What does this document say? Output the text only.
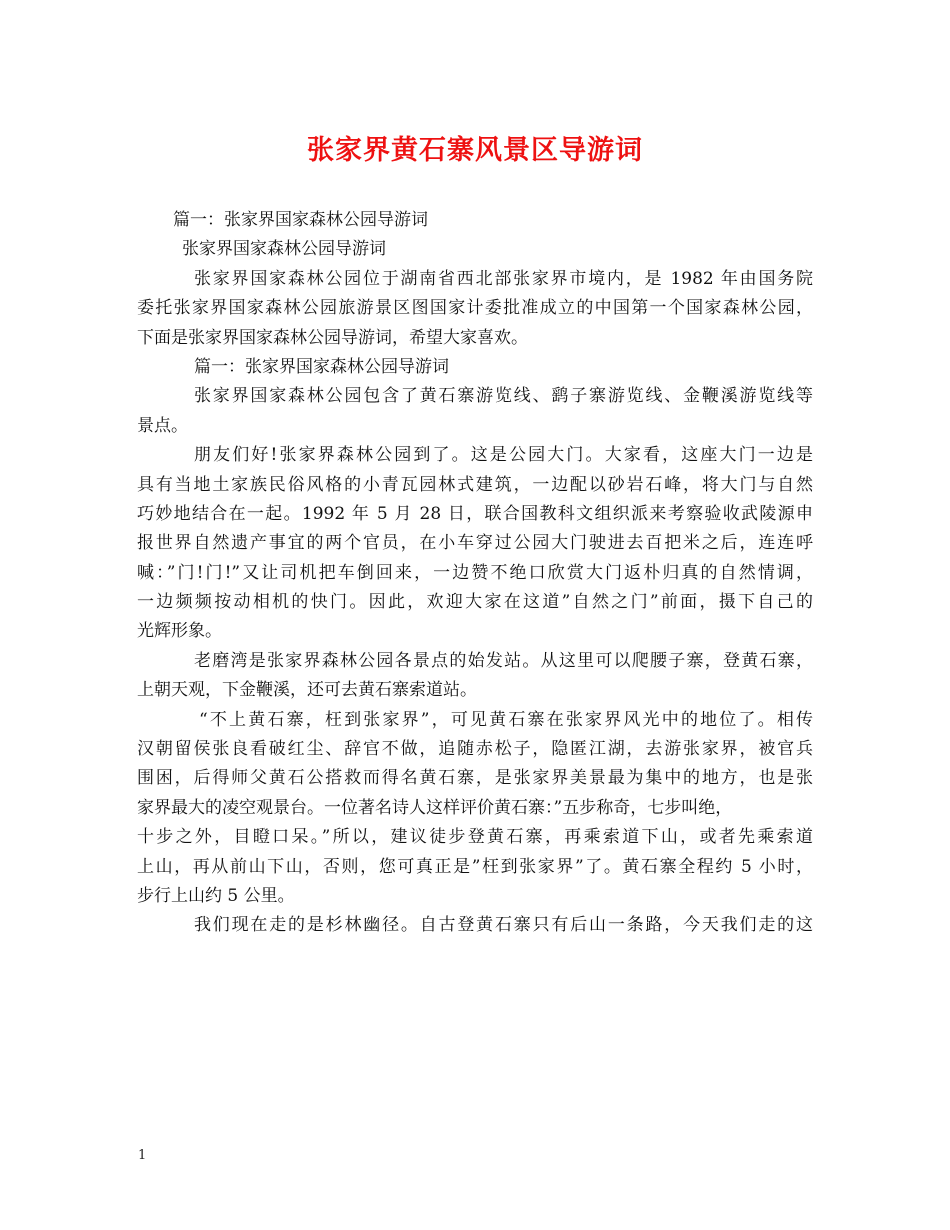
张家界黄石寨风景区导游词
篇一：张家界国家森林公园导游词
张家界国家森林公园导游词
张家界国家森林公园位于湖南省西北部张家界市境内，是 1982 年由国务院
委托张家界国家森林公园旅游景区图国家计委批准成立的中国第一个国家森林公园，
下面是张家界国家森林公园导游词，希望大家喜欢。
篇一：张家界国家森林公园导游词
张家界国家森林公园包含了黄石寨游览线、鹞子寨游览线、金鞭溪游览线等
景点。
朋友们好!张家界森林公园到了。这是公园大门。大家看，这座大门一边是
具有当地土家族民俗风格的小青瓦园林式建筑，一边配以砂岩石峰，将大门与自然
巧妙地结合在一起。1992 年 5 月 28 日，联合国教科文组织派来考察验收武陵源申
报世界自然遗产事宜的两个官员，在小车穿过公园大门驶进去百把米之后，连连呼
喊：”门!门!”又让司机把车倒回来，一边赞不绝口欣赏大门返朴归真的自然情调，
一边频频按动相机的快门。因此，欢迎大家在这道”自然之门”前面，摄下自己的
光辉形象。
老磨湾是张家界森林公园各景点的始发站。从这里可以爬腰子寨，登黄石寨，
上朝天观，下金鞭溪，还可去黄石寨索道站。
“不上黄石寨，枉到张家界”，可见黄石寨在张家界风光中的地位了。相传
汉朝留侯张良看破红尘、辞官不做，追随赤松子，隐匿江湖，去游张家界，被官兵
围困，后得师父黄石公搭救而得名黄石寨，是张家界美景最为集中的地方，也是张
家界最大的凌空观景台。一位著名诗人这样评价黄石寨：”五步称奇，七步叫绝，
十步之外，目瞪口呆。”所以，建议徒步登黄石寨，再乘索道下山，或者先乘索道
上山，再从前山下山，否则，您可真正是”枉到张家界”了。黄石寨全程约 5 小时，
步行上山约 5 公里。
我们现在走的是杉林幽径。自古登黄石寨只有后山一条路，今天我们走的这
1
